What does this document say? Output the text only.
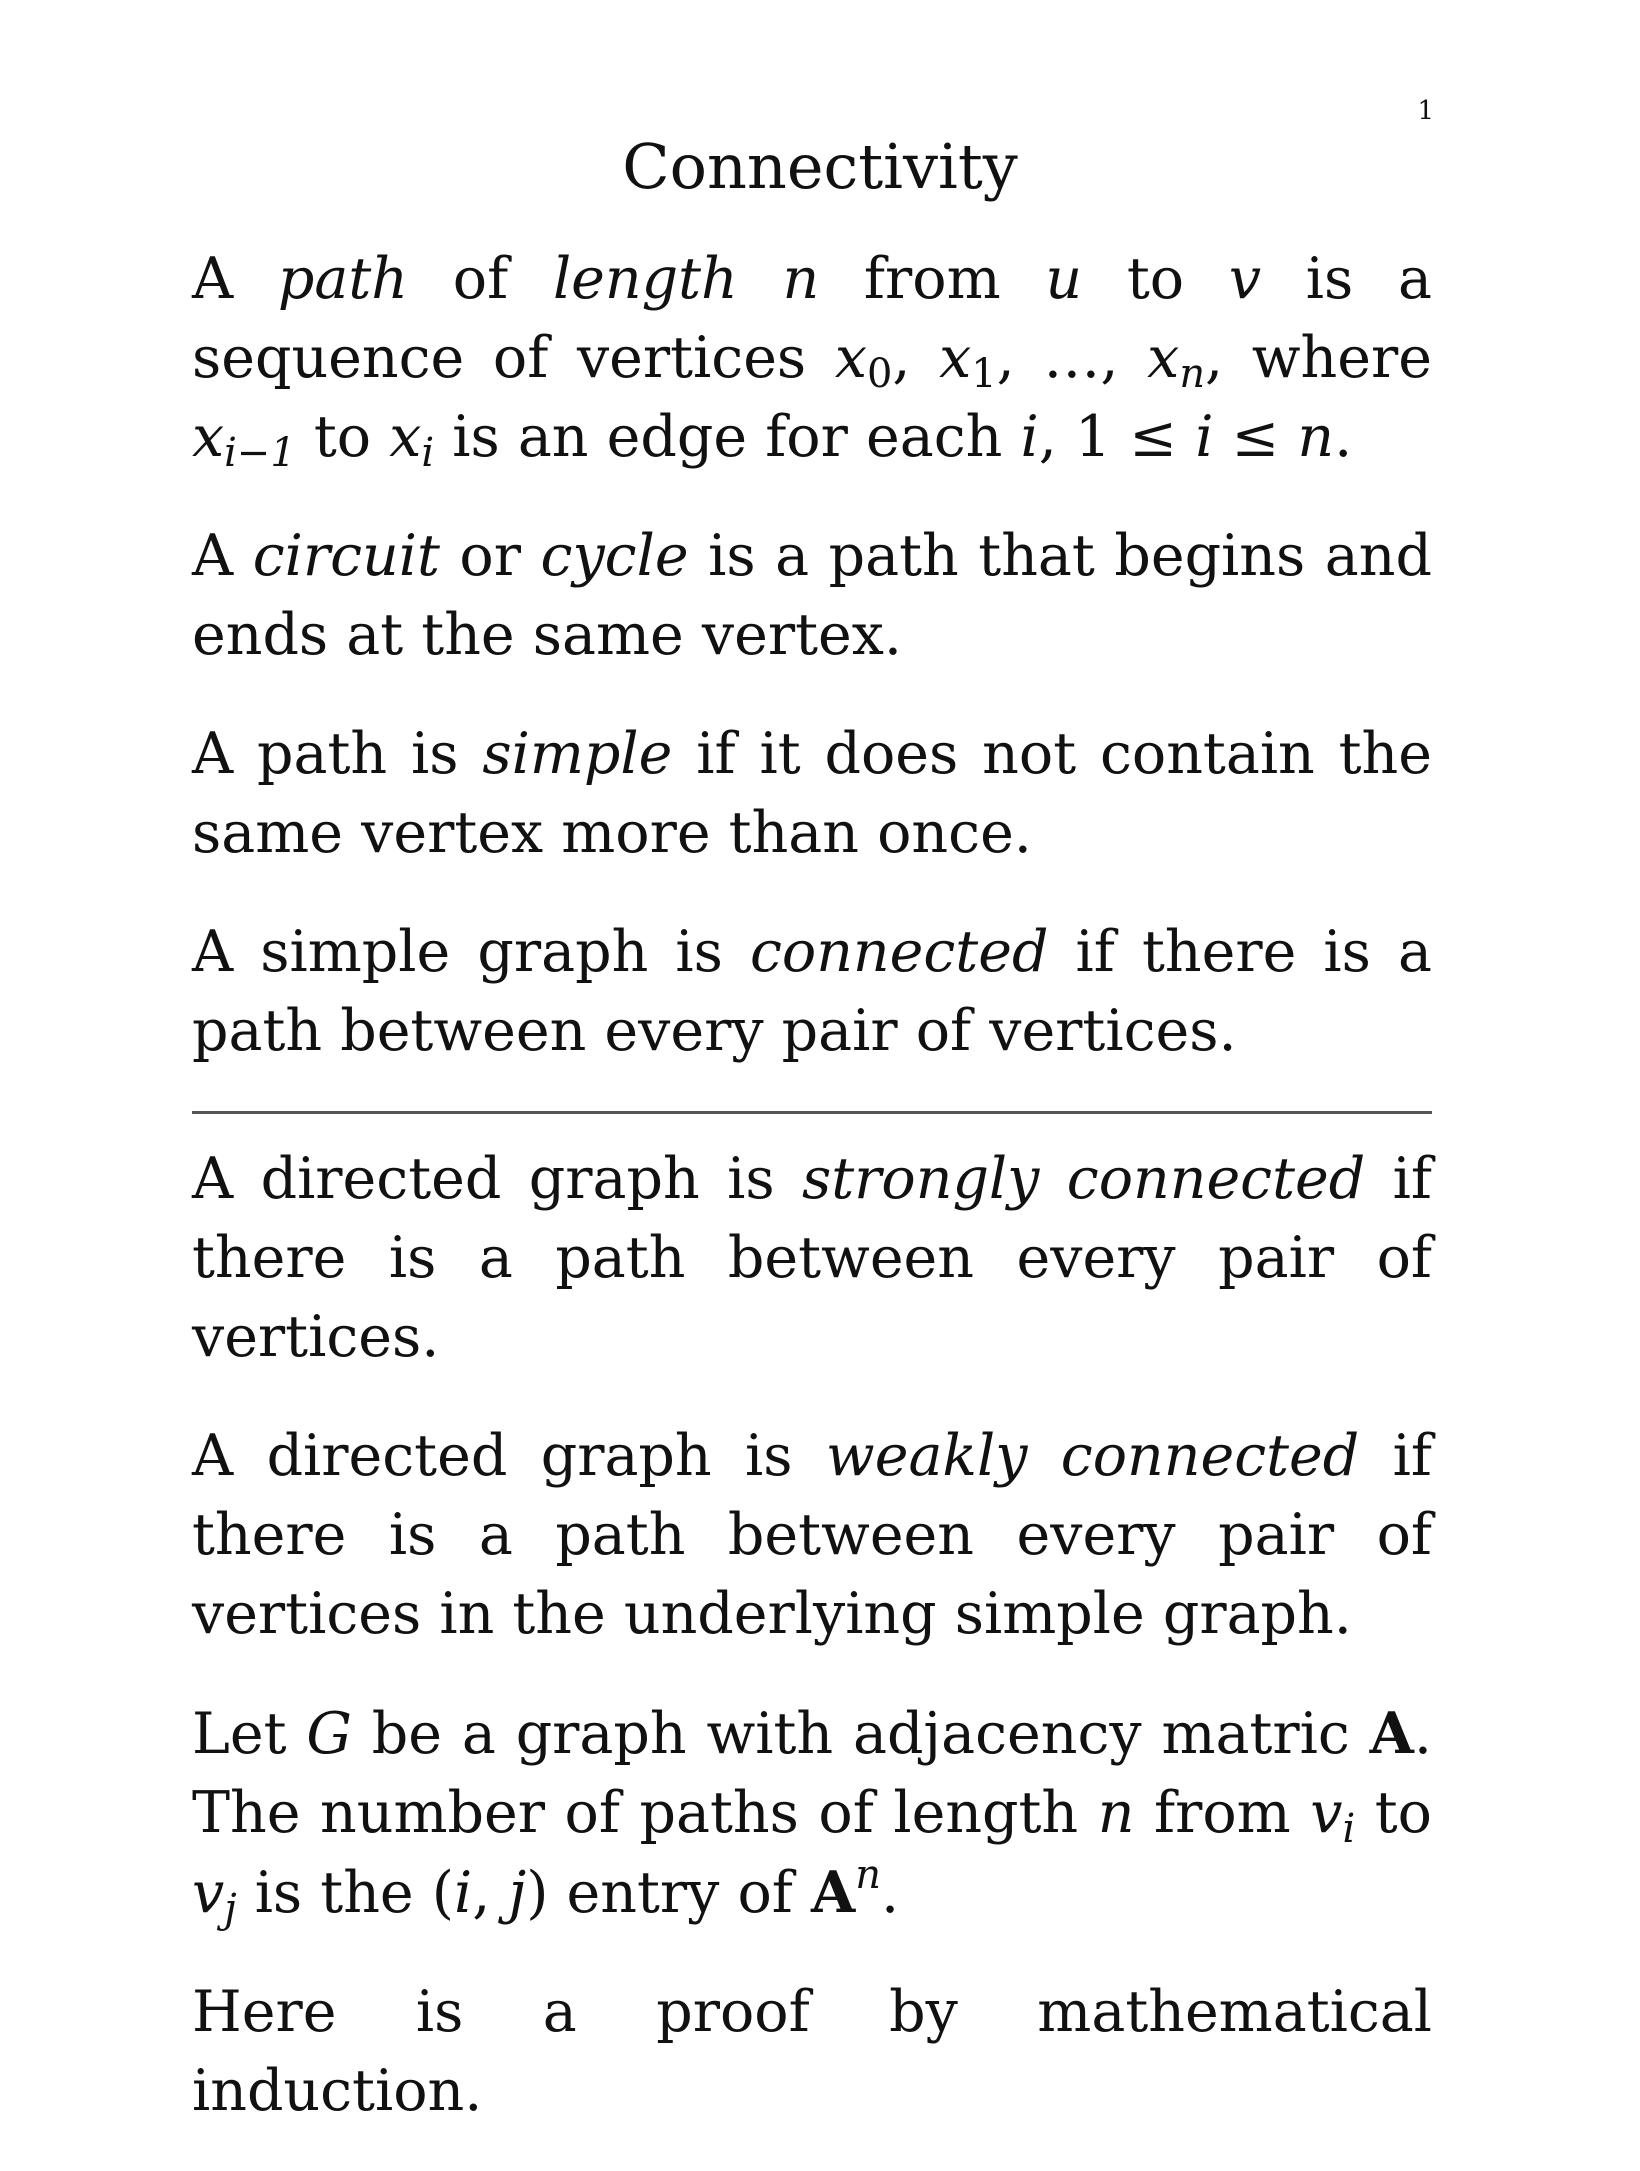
1
Connectivity

A path of length n from u to v is a sequence of vertices $x_0$, $x_1$, …, $x_n$, where $x_{i-1}$ to $x_i$ is an edge for each i, 1 ≤ i ≤ n.

A circuit or cycle is a path that begins and ends at the same vertex.

A path is simple if it does not contain the same vertex more than once.

A simple graph is connected if there is a path between every pair of vertices.

A directed graph is strongly connected if there is a path between every pair of vertices.

A directed graph is weakly connected if there is a path between every pair of vertices in the underlying simple graph.

Let G be a graph with adjacency matric A. The number of paths of length n from $v_i$ to $v_j$ is the (i, j) entry of $A^n$.

Here is a proof by mathematical induction.
